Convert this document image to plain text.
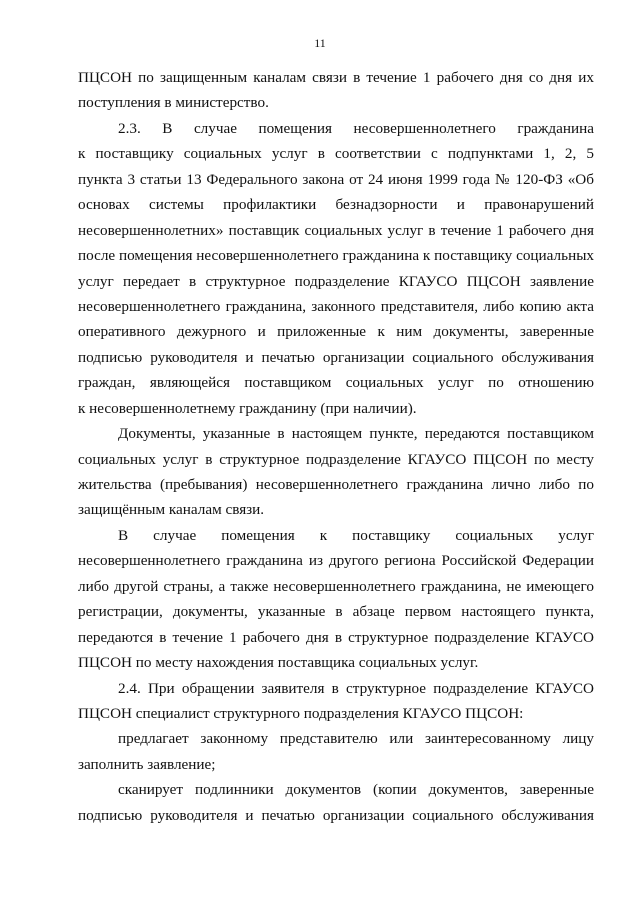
11
ПЦСОН по защищенным каналам связи в течение 1 рабочего дня со дня их
поступления в министерство.
2.3. В случае помещения несовершеннолетнего гражданина
к поставщику социальных услуг в соответствии с подпунктами 1, 2, 5
пункта 3 статьи 13 Федерального закона от 24 июня 1999 года № 120-ФЗ «Об
основах системы профилактики безнадзорности и правонарушений
несовершеннолетних» поставщик социальных услуг в течение 1 рабочего дня
после помещения несовершеннолетнего гражданина к поставщику социальных
услуг передает в структурное подразделение КГАУСО ПЦСОН заявление
несовершеннолетнего гражданина, законного представителя, либо копию акта
оперативного дежурного и приложенные к ним документы, заверенные
подписью руководителя и печатью организации социального обслуживания
граждан, являющейся поставщиком социальных услуг по отношению
к несовершеннолетнему гражданину (при наличии).
Документы, указанные в настоящем пункте, передаются поставщиком
социальных услуг в структурное подразделение КГАУСО ПЦСОН по месту
жительства (пребывания) несовершеннолетнего гражданина лично либо по
защищённым каналам связи.
В случае помещения к поставщику социальных услуг
несовершеннолетнего гражданина из другого региона Российской Федерации
либо другой страны, а также несовершеннолетнего гражданина, не имеющего
регистрации, документы, указанные в абзаце первом настоящего пункта,
передаются в течение 1 рабочего дня в структурное подразделение КГАУСО
ПЦСОН по месту нахождения поставщика социальных услуг.
2.4. При обращении заявителя в структурное подразделение КГАУСО
ПЦСОН специалист структурного подразделения КГАУСО ПЦСОН:
предлагает законному представителю или заинтересованному лицу
заполнить заявление;
сканирует подлинники документов (копии документов, заверенные
подписью руководителя и печатью организации социального обслуживания
